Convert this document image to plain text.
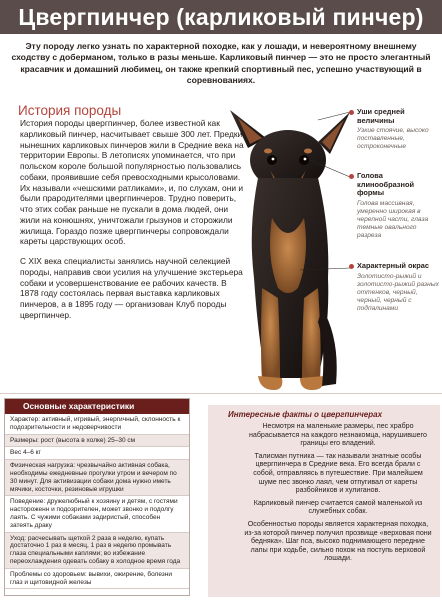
Цвергпинчер (карликовый пинчер)
Эту породу легко узнать по характерной походке, как у лошади, и невероятному внешнему сходству с доберманом, только в разы меньше. Карликовый пинчер — это не просто элегантный красавчик и домашний любимец, он также крепкий спортивный пес, успешно участвующий в соревнованиях.
История породы

История породы цвергпинчер, более известной как карликовый пинчер, насчитывает свыше 300 лет. Предки нынешних карликовых пинчеров жили в Средние века на территории Европы. В летописях упоминается, что при польском короле большой популярностью пользовались собаки, проявившие себя превосходными крысоловами. Их называли «чешскими ратликами», и, по слухам, они и были прародителями цвергпинчеров. Трудно поверить, что этих собак раньше не пускали в дома людей, они жили на конюшнях, уничтожали грызунов и сторожили жилища. Гораздо позже цвергпинчеры сопровождали кареты царствующих особ.

С XIX века специалисты занялись научной селекцией породы, направив свои усилия на улучшение экстерьера собаки и усовершенствование ее рабочих качеств. В 1878 году состоялась первая выставка карликовых пинчеров, а в 1895 году — организован Клуб породы цвергпинчер.

Уши средней величины
Узкие стоячие, высоко поставленные, остроконечные
Голова клинообразной формы
Голова массивная, умеренно широкая в черепной части, глаза темные овального разреза
Характерный окрас
Золотисто-рыжий и золотисто-рыжий разных оттенков, черный, черный, черный с подпалинами
Основные характеристики
Характер: активный, игривый, энергичный, склонность к подозрительности и недоверчивости
Размеры: рост (высота в холке) 25–30 см
Вес 4–6 кг
Физическая нагрузка: чрезвычайно активная собака, необходимы ежедневные прогулки утром и вечером по 30 минут. Для активизации собаки дома нужно иметь мячики, косточки, резиновые игрушки
Поведение: дружелюбный к хозяину и детям, с гостями настороженн и подозрителен, может звонко и подолгу лаять. С чужими собаками задиристый, способен затеять драку
Уход: расчесывать щеткой 2 раза в неделю, купать достаточно 1 раз в месяц, 1 раз в неделю промывать глаза специальными каплями; во избежание переохлаждения одевать собаку в холодное время года
Проблемы со здоровьем: вывихи, ожирение, болезни глаз и щитовидной железы
Интересные факты о цвергпинчерах

Несмотря на маленькие размеры, пес храбро набрасывается на каждого незнакомца, нарушившего границы его владений.

Талисман путника — так называли знатные особы цвергпинчера в Средние века. Его всегда брали с собой, отправляясь в путешествие. При малейшем шуме пес звонко лаял, чем отпугивал от кареты разбойников и хулиганов.

Карликовый пинчер считается самой маленькой из служебных собак.

Особенностью породы является характерная походка, из-за которой пинчер получил прозвище «верховая пони бедняка». Шаг пса, высоко поднимающего передние лапы при ходьбе, сильно похож на поступь верховой лошади.
